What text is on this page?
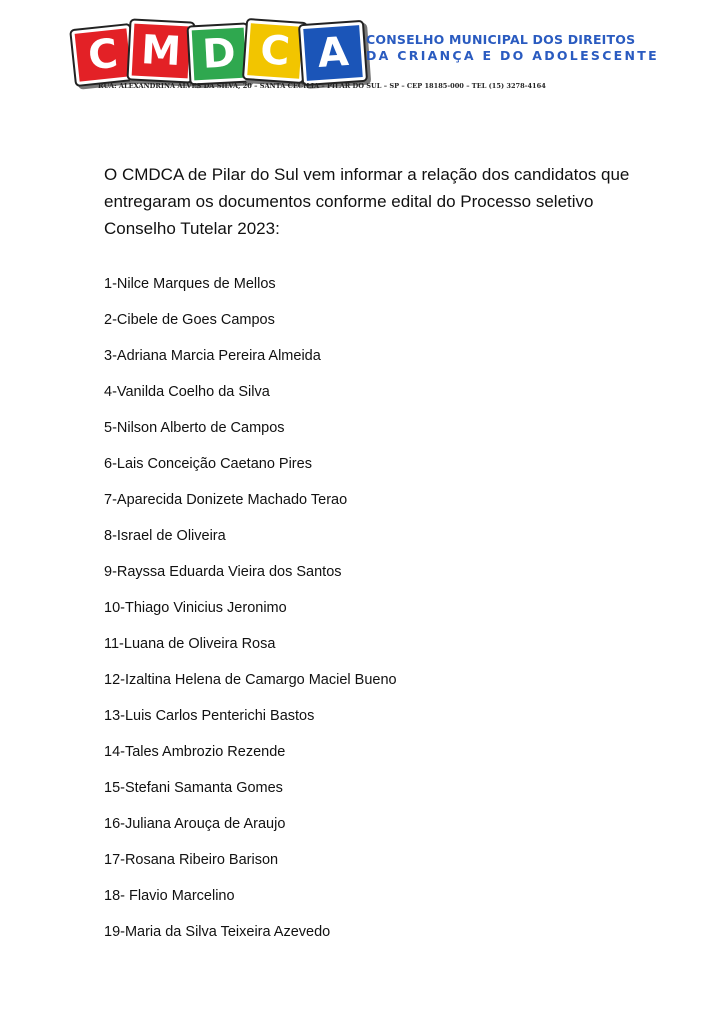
C M D C A	CONSELHO MUNICIPAL DOS DIREITOS
DA CRIANÇA E DO ADOLESCENTE
RUA: ALEXANDRINA ALVES DA SILVA, 20 – SANTA CECÍLIA – PILAR DO SUL – SP – CEP 18185-000 – TEL (15) 3278-4164

O CMDCA de Pilar do Sul vem informar a relação dos candidatos que entregaram os documentos conforme edital do Processo seletivo Conselho Tutelar 2023:

1-Nilce Marques de Mellos
2-Cibele de Goes Campos
3-Adriana Marcia Pereira Almeida
4-Vanilda Coelho da Silva
5-Nilson Alberto de Campos
6-Lais Conceição Caetano Pires
7-Aparecida Donizete Machado Terao
8-Israel de Oliveira
9-Rayssa Eduarda Vieira dos Santos
10-Thiago Vinicius Jeronimo
11-Luana de Oliveira Rosa
12-Izaltina Helena de Camargo Maciel Bueno
13-Luis Carlos Penterichi Bastos
14-Tales Ambrozio Rezende
15-Stefani Samanta Gomes
16-Juliana Arouça de Araujo
17-Rosana Ribeiro Barison
18- Flavio Marcelino
19-Maria da Silva Teixeira Azevedo
